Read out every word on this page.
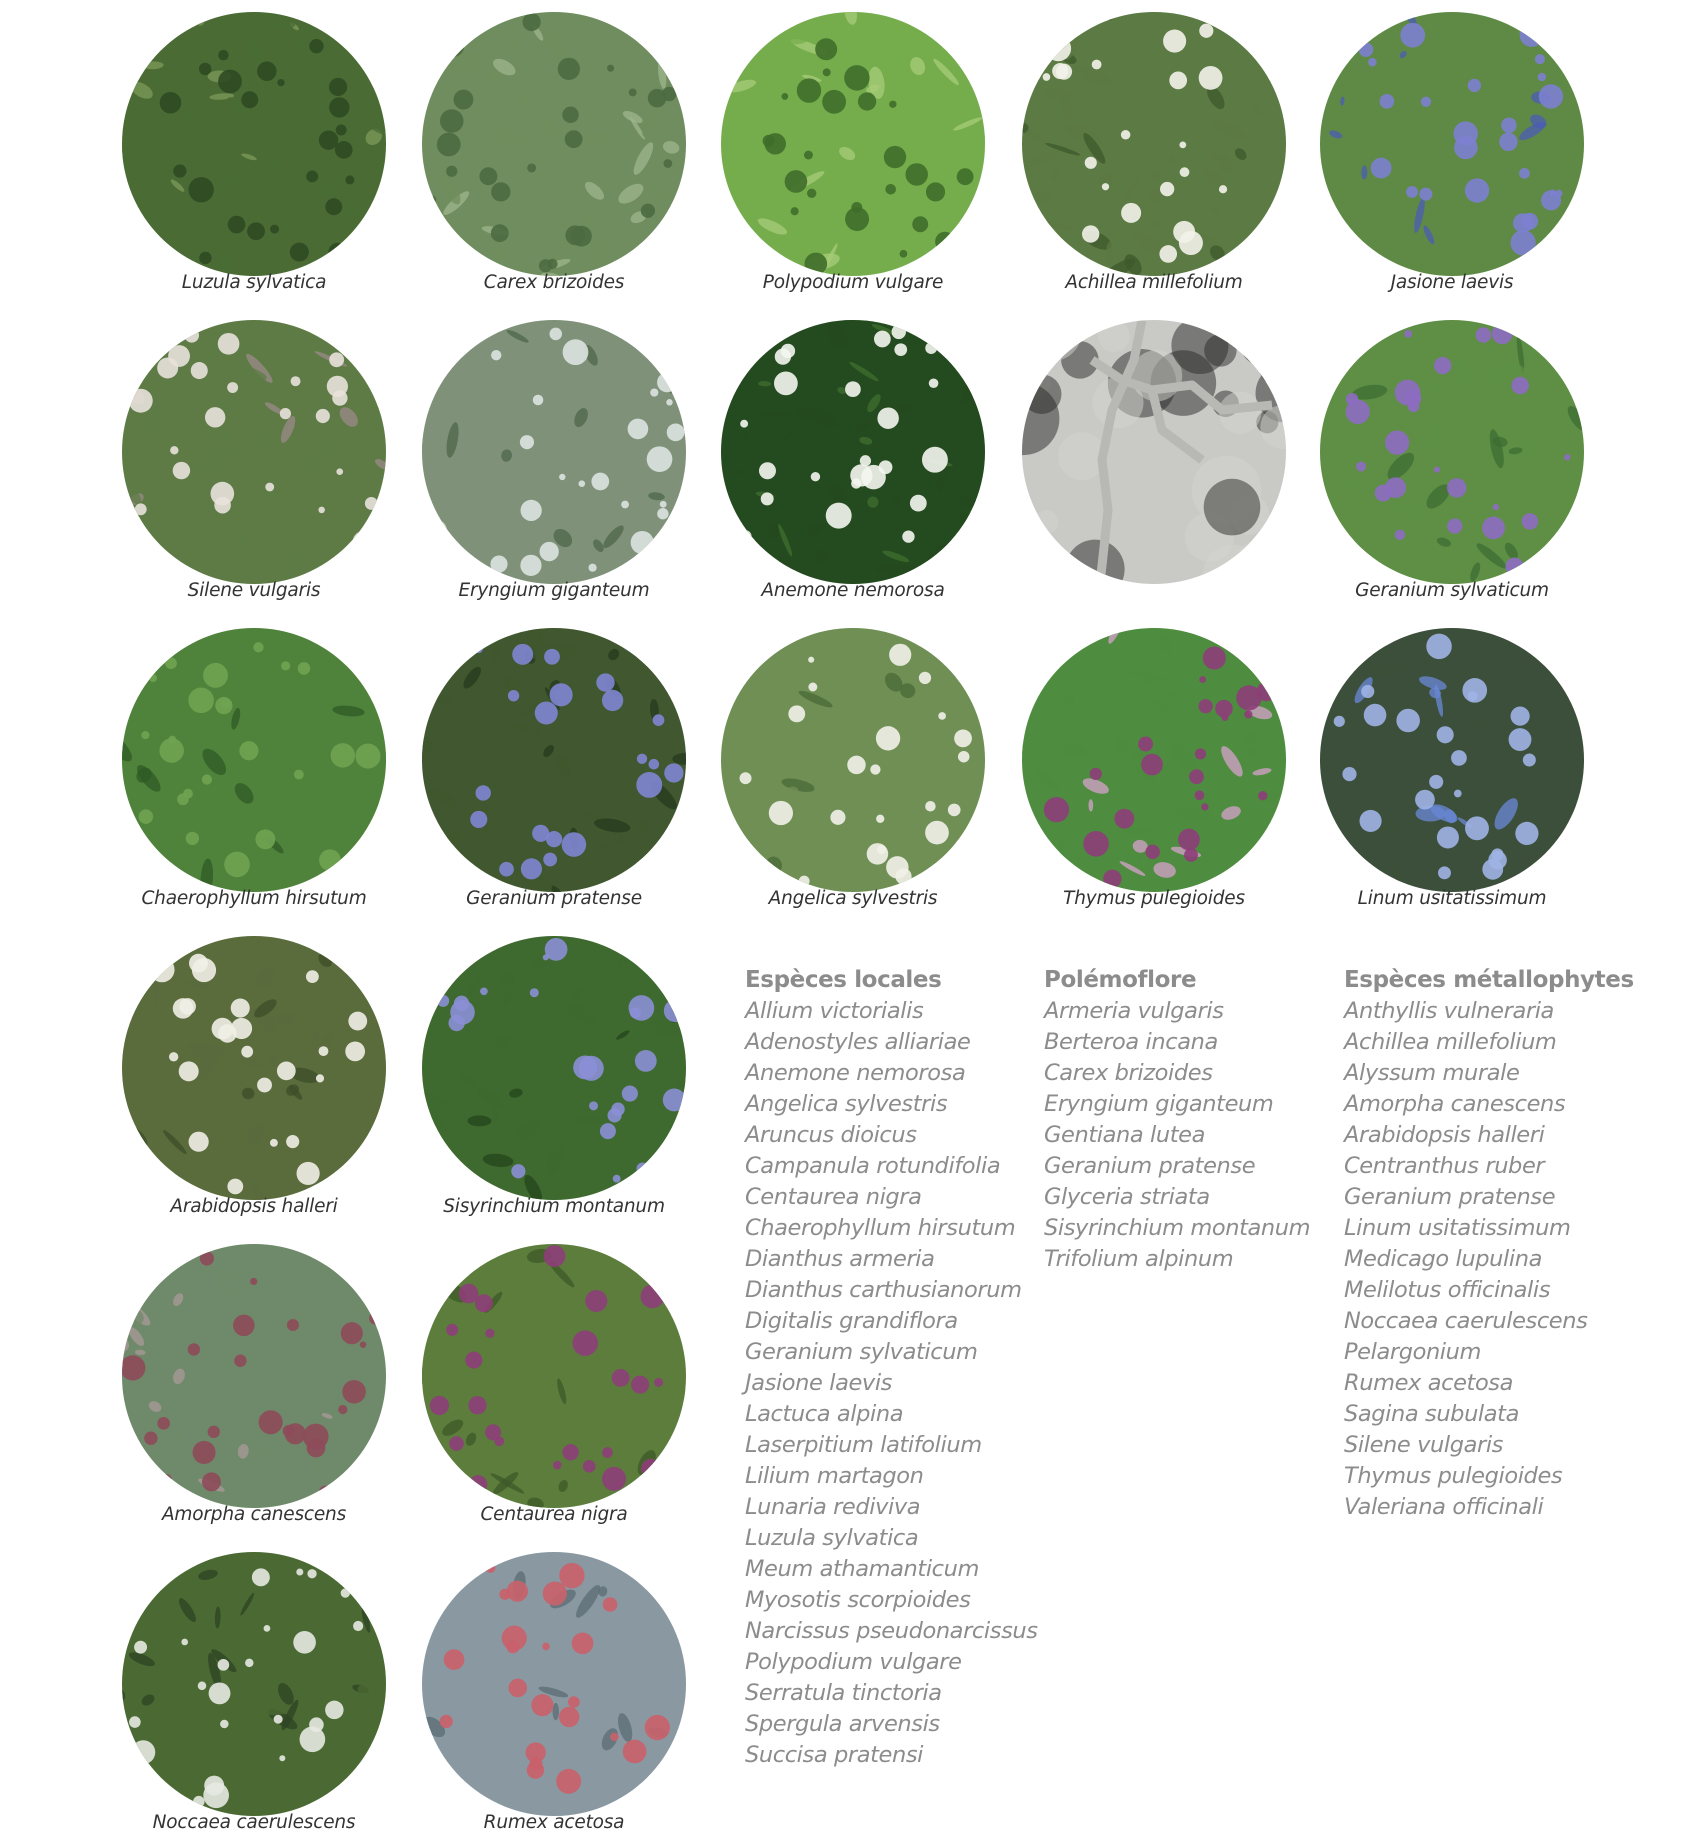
Luzula sylvatica	Carex brizoides	Polypodium vulgare	Achillea millefolium	Jasione laevis
Silene vulgaris	Eryngium giganteum	Anemone nemorosa	Geranium sylvaticum
Chaerophyllum hirsutum	Geranium pratense	Angelica sylvestris	Thymus pulegioides	Linum usitatissimum
Arabidopsis halleri	Sisyrinchium montanum
Amorpha canescens	Centaurea nigra
Noccaea caerulescens	Rumex acetosa
Espèces locales
Allium victorialis
Adenostyles alliariae
Anemone nemorosa
Angelica sylvestris
Aruncus dioicus
Campanula rotundifolia
Centaurea nigra
Chaerophyllum hirsutum
Dianthus armeria
Dianthus carthusianorum
Digitalis grandiflora
Geranium sylvaticum
Jasione laevis
Lactuca alpina
Laserpitium latifolium
Lilium martagon
Lunaria rediviva
Luzula sylvatica
Meum athamanticum
Myosotis scorpioides
Narcissus pseudonarcissus
Polypodium vulgare
Serratula tinctoria
Spergula arvensis
Succisa pratensi
Polémoflore
Armeria vulgaris
Berteroa incana
Carex brizoides
Eryngium giganteum
Gentiana lutea
Geranium pratense
Glyceria striata
Sisyrinchium montanum
Trifolium alpinum
Espèces métallophytes
Anthyllis vulneraria
Achillea millefolium
Alyssum murale
Amorpha canescens
Arabidopsis halleri
Centranthus ruber
Geranium pratense
Linum usitatissimum
Medicago lupulina
Melilotus officinalis
Noccaea caerulescens
Pelargonium
Rumex acetosa
Sagina subulata
Silene vulgaris
Thymus pulegioides
Valeriana officinali
